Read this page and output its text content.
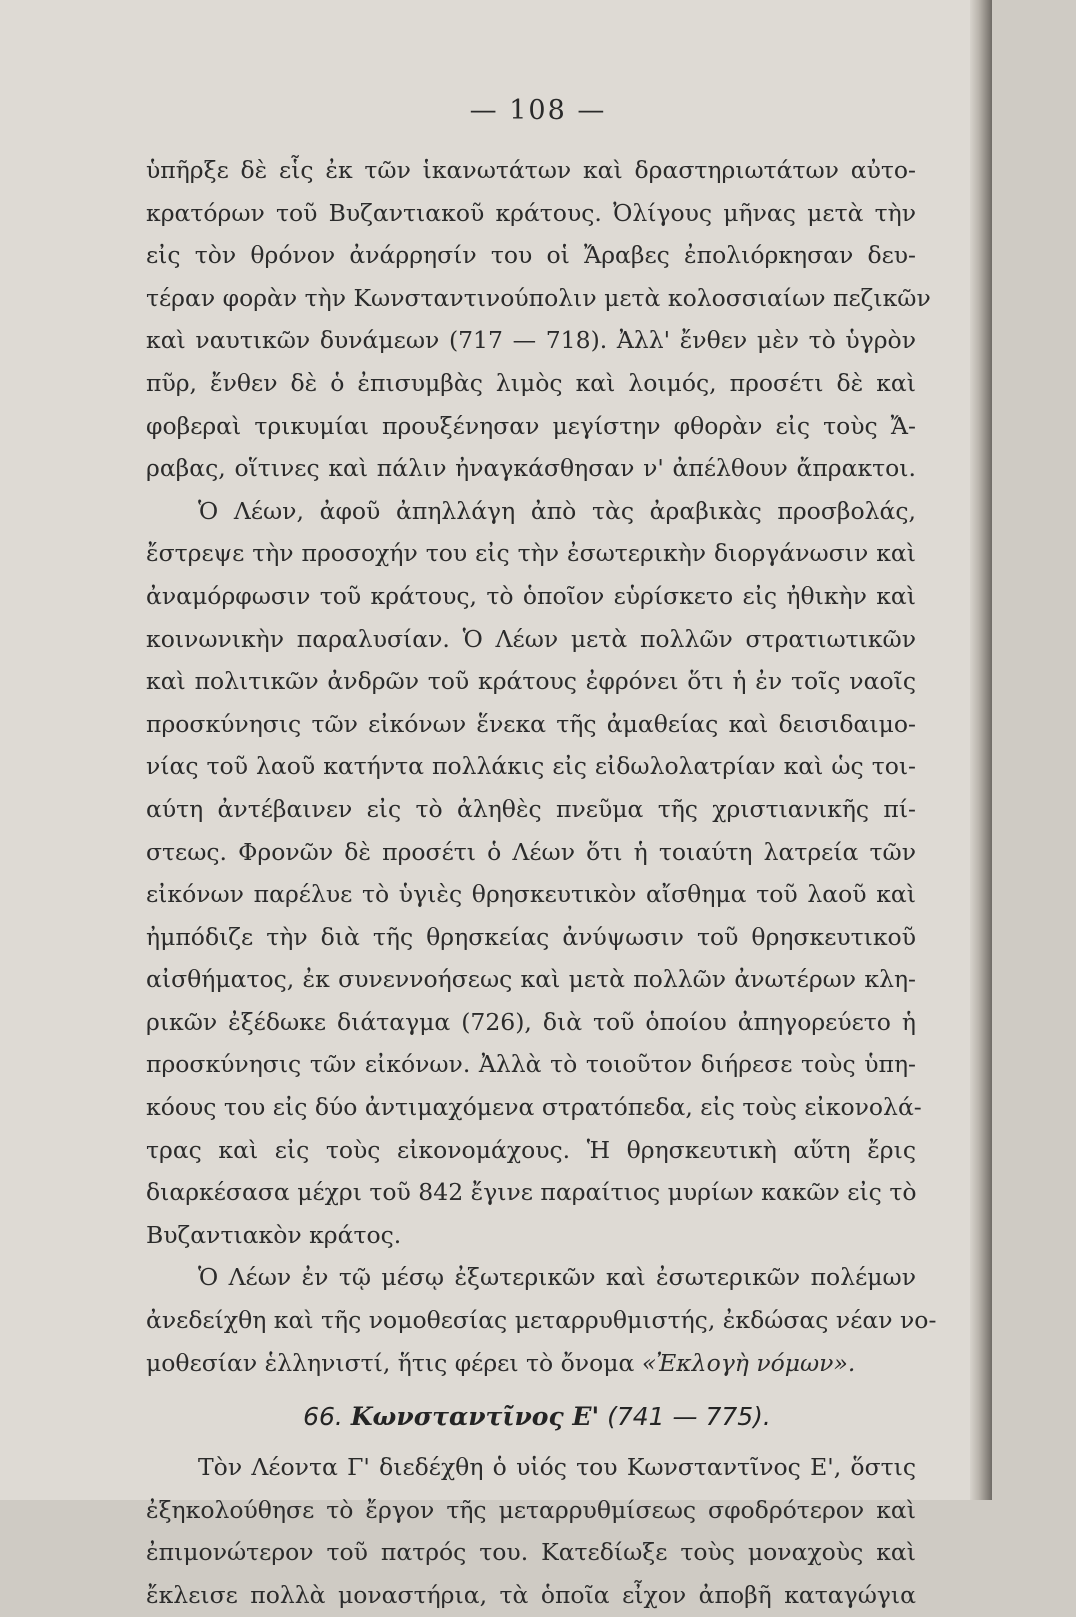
— 108 —
ὑπῆρξε δὲ εἷς ἐκ τῶν ἱκανωτάτων καὶ δραστηριωτάτων αὐτο-
κρατόρων τοῦ Βυζαντιακοῦ κράτους. Ὀλίγους μῆνας μετὰ τὴν
εἰς τὸν θρόνον ἀνάρρησίν του οἱ Ἄραβες ἐπολιόρκησαν δευ-
τέραν φορὰν τὴν Κωνσταντινούπολιν μετὰ κολοσσιαίων πεζικῶν
καὶ ναυτικῶν δυνάμεων (717 — 718). Ἀλλ' ἔνθεν μὲν τὸ ὑγρὸν
πῦρ, ἔνθεν δὲ ὁ ἐπισυμβὰς λιμὸς καὶ λοιμός, προσέτι δὲ καὶ
φοβεραὶ τρικυμίαι προυξένησαν μεγίστην φθορὰν εἰς τοὺς Ἄ-
ραβας, οἵτινες καὶ πάλιν ἠναγκάσθησαν ν' ἀπέλθουν ἄπρακτοι.
Ὁ Λέων, ἀφοῦ ἀπηλλάγη ἀπὸ τὰς ἀραβικὰς προσβολάς,
ἔστρεψε τὴν προσοχήν του εἰς τὴν ἐσωτερικὴν διοργάνωσιν καὶ
ἀναμόρφωσιν τοῦ κράτους, τὸ ὁποῖον εὑρίσκετο εἰς ἠθικὴν καὶ
κοινωνικὴν παραλυσίαν. Ὁ Λέων μετὰ πολλῶν στρατιωτικῶν
καὶ πολιτικῶν ἀνδρῶν τοῦ κράτους ἐφρόνει ὅτι ἡ ἐν τοῖς ναοῖς
προσκύνησις τῶν εἰκόνων ἕνεκα τῆς ἀμαθείας καὶ δεισιδαιμο-
νίας τοῦ λαοῦ κατήντα πολλάκις εἰς εἰδωλολατρίαν καὶ ὡς τοι-
αύτη ἀντέβαινεν εἰς τὸ ἀληθὲς πνεῦμα τῆς χριστιανικῆς πί-
στεως. Φρονῶν δὲ προσέτι ὁ Λέων ὅτι ἡ τοιαύτη λατρεία τῶν
εἰκόνων παρέλυε τὸ ὑγιὲς θρησκευτικὸν αἴσθημα τοῦ λαοῦ καὶ
ἠμπόδιζε τὴν διὰ τῆς θρησκείας ἀνύψωσιν τοῦ θρησκευτικοῦ
αἰσθήματος, ἐκ συνεννοήσεως καὶ μετὰ πολλῶν ἀνωτέρων κλη-
ρικῶν ἐξέδωκε διάταγμα (726), διὰ τοῦ ὁποίου ἀπηγορεύετο ἡ
προσκύνησις τῶν εἰκόνων. Ἀλλὰ τὸ τοιοῦτον διήρεσε τοὺς ὑπη-
κόους του εἰς δύο ἀντιμαχόμενα στρατόπεδα, εἰς τοὺς εἰκονολά-
τρας καὶ εἰς τοὺς εἰκονομάχους. Ἡ θρησκευτικὴ αὕτη ἔρις
διαρκέσασα μέχρι τοῦ 842 ἔγινε παραίτιος μυρίων κακῶν εἰς τὸ
Βυζαντιακὸν κράτος.
Ὁ Λέων ἐν τῷ μέσῳ ἐξωτερικῶν καὶ ἐσωτερικῶν πολέμων
ἀνεδείχθη καὶ τῆς νομοθεσίας μεταρρυθμιστής, ἐκδώσας νέαν νο-
μοθεσίαν ἑλληνιστί, ἥτις φέρει τὸ ὄνομα «Ἐκλογὴ νόμων».
66. Κωνσταντῖνος Ε' (741 — 775).
Τὸν Λέοντα Γ' διεδέχθη ὁ υἱός του Κωνσταντῖνος Ε', ὅστις
ἐξηκολούθησε τὸ ἔργον τῆς μεταρρυθμίσεως σφοδρότερον καὶ
ἐπιμονώτερον τοῦ πατρός του. Κατεδίωξε τοὺς μοναχοὺς καὶ
ἔκλεισε πολλὰ μοναστήρια, τὰ ὁποῖα εἶχον ἀποβῆ καταγώγια
